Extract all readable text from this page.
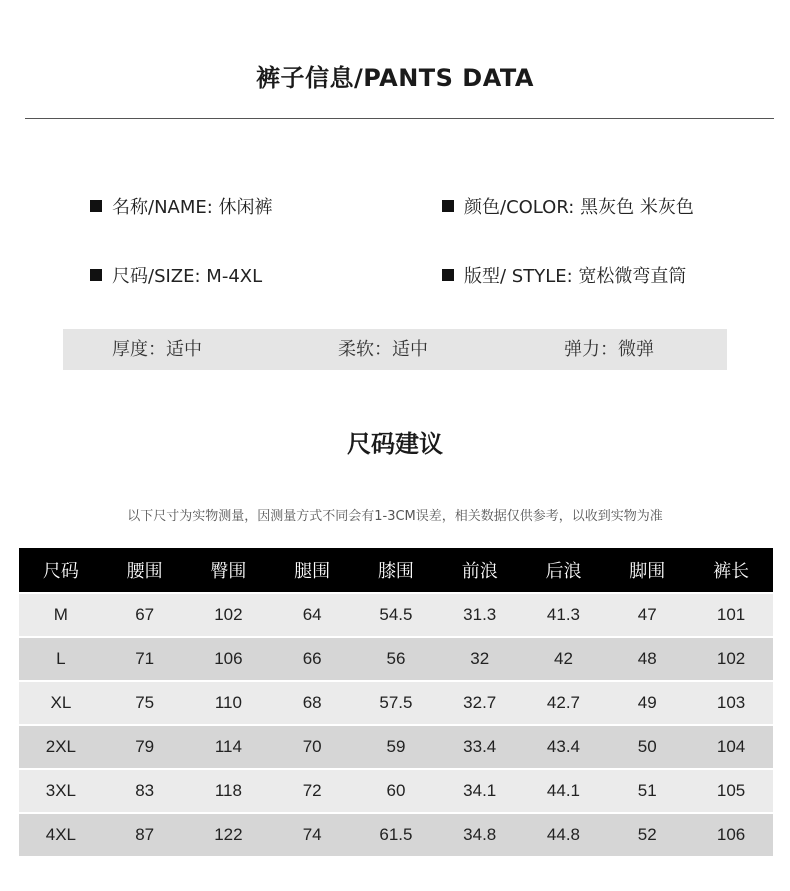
裤子信息/PANTS DATA
名称/NAME: 休闲裤	颜色/COLOR: 黑灰色 米灰色
尺码/SIZE: M-4XL	版型/ STYLE: 宽松微弯直筒
厚度：适中	柔软：适中	弹力：微弹
尺码建议
以下尺寸为实物测量，因测量方式不同会有1-3CM误差，相关数据仅供参考，以收到实物为准
尺码	腰围	臀围	腿围	膝围	前浪	后浪	脚围	裤长
M	67	102	64	54.5	31.3	41.3	47	101
L	71	106	66	56	32	42	48	102
XL	75	110	68	57.5	32.7	42.7	49	103
2XL	79	114	70	59	33.4	43.4	50	104
3XL	83	118	72	60	34.1	44.1	51	105
4XL	87	122	74	61.5	34.8	44.8	52	106
